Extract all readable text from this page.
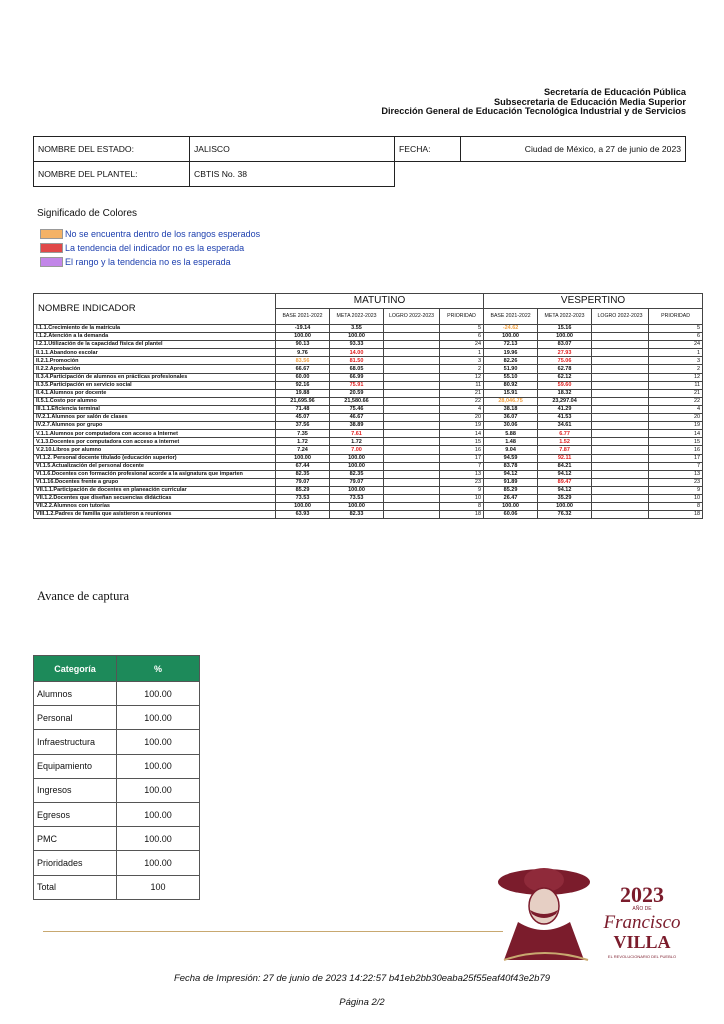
Secretaría de Educación Pública
Subsecretaria de Educación Media Superior
Dirección General de Educación Tecnológica Industrial y de Servicios
NOMBRE DEL ESTADO:	JALISCO	FECHA:	Ciudad de México, a 27 de junio de 2023
NOMBRE DEL PLANTEL:	CBTIS No. 38		
Significado de Colores
No se encuentra dentro de los rangos esperados
La tendencia del indicador no es la esperada
El rango y la tendencia no es la esperada
NOMBRE INDICADOR	MATUTINO				VESPERTINO			
	BASE 2021-2022	META 2022-2023	LOGRO 2022-2023	PRIORIDAD	BASE 2021-2022	META 2022-2023	LOGRO 2022-2023	PRIORIDAD
I.1.1.Crecimiento de la matrícula	-19.14	3.55		5	-24.62	15.16		5
I.1.2.Atención a la demanda	100.00	100.00		6	100.00	100.00		6
I.2.1.Utilización de la capacidad física del plantel	90.13	93.33		24	72.13	83.07		24
II.1.1.Abandono escolar	9.76	14.00		1	19.96	27.93		1
II.2.1.Promoción	83.56	81.50		3	82.26	75.06		3
II.2.2.Aprobación	66.67	68.05		2	51.90	62.78		2
II.3.4.Participación de alumnos en prácticas profesionales	60.00	66.99		12	55.10	62.12		12
II.3.5.Participación en servicio social	92.16	75.91		11	80.92	59.60		11
II.4.1.Alumnos por docente	19.88	20.59		21	15.91	18.32		21
II.5.1.Costo por alumno	21,695.96	21,580.66		22	28,046.75	23,297.04		22
III.1.1.Eficiencia terminal	71.48	75.46		4	38.18	41.29		4
IV.2.1.Alumnos por salón de clases	45.07	46.67		20	36.07	41.53		20
IV.2.7.Alumnos por grupo	37.56	38.89		19	30.06	34.61		19
V.1.1.Alumnos por computadora con acceso a Internet	7.35	7.61		14	5.88	6.77		14
V.1.3.Docentes por computadora con acceso a internet	1.72	1.72		15	1.48	1.52		15
V.2.10.Libros por alumno	7.24	7.00		16	9.04	7.87		16
VI.1.2. Personal docente titulado (educación superior)	100.00	100.00		17	94.59	92.11		17
VI.1.5.Actualización del personal docente	67.44	100.00		7	83.78	84.21		7
VI.1.6.Docentes con formación profesional acorde a la asignatura que imparten	82.35	82.35		13	94.12	94.12		13
VI.1.16.Docentes frente a grupo	79.07	79.07		23	91.89	89.47		23
VII.1.1.Participación de docentes en planeación curricular	85.29	100.00		9	85.29	94.12		9
VII.1.2.Docentes que diseñan secuencias didácticas	73.53	73.53		10	26.47	35.29		10
VII.2.2.Alumnos con tutorías	100.00	100.00		8	100.00	100.00		8
VIII.1.2.Padres de familia que asistieron a reuniones	63.93	82.33		18	60.06	76.32		18
Avance de captura
Categoría	%
Alumnos	100.00
Personal	100.00
Infraestructura	100.00
Equipamiento	100.00
Ingresos	100.00
Egresos	100.00
PMC	100.00
Prioridades	100.00
Total	100	2023
AÑO DE
Francisco
VILLA
EL REVOLUCIONARIO DEL PUEBLO
Fecha de Impresión: 27 de junio de 2023 14:22:57 b41eb2bb30eaba25f55eaf40f43e2b79
Página 2/2
